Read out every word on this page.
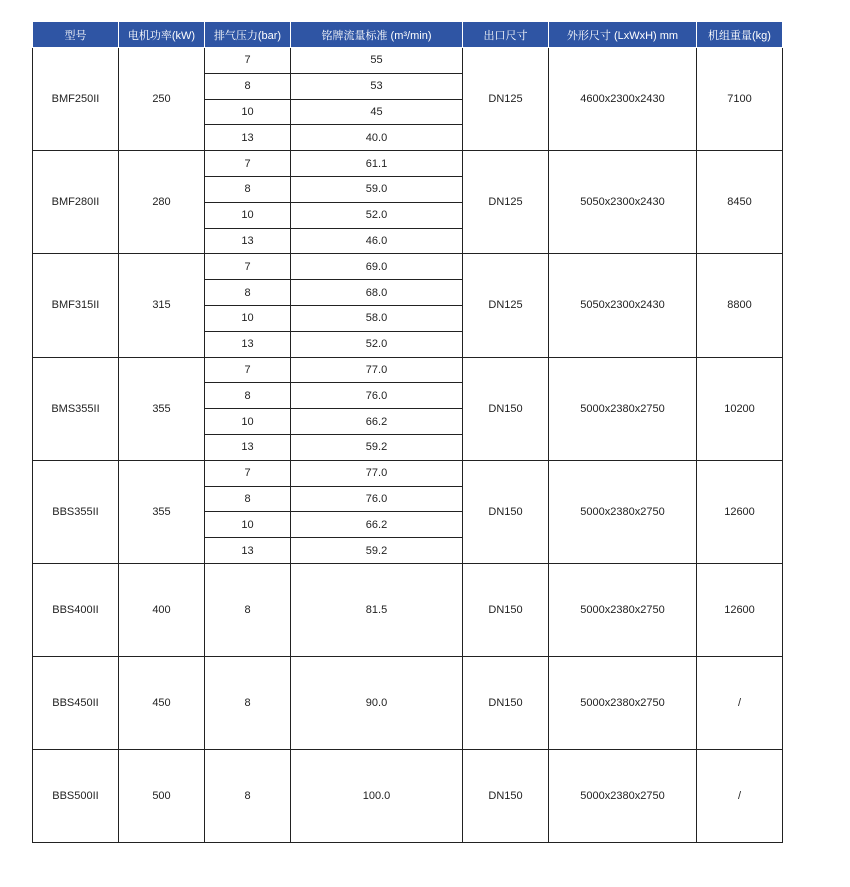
型号	电机功率(kW)	排气压力(bar)	铭牌流量标准 (m³/min)	出口尺寸	外形尺寸 (LxWxH) mm	机组重量(kg)
BMF250II	250	7	55	DN125	4600x2300x2430	7100
		8	53			
		10	45			
		13	40.0			
BMF280II	280	7	61.1	DN125	5050x2300x2430	8450
		8	59.0			
		10	52.0			
		13	46.0			
BMF315II	315	7	69.0	DN125	5050x2300x2430	8800
		8	68.0			
		10	58.0			
		13	52.0			
BMS355II	355	7	77.0	DN150	5000x2380x2750	10200
		8	76.0			
		10	66.2			
		13	59.2			
BBS355II	355	7	77.0	DN150	5000x2380x2750	12600
		8	76.0			
		10	66.2			
		13	59.2			
BBS400II	400	8	81.5	DN150	5000x2380x2750	12600
BBS450II	450	8	90.0	DN150	5000x2380x2750	/
BBS500II	500	8	100.0	DN150	5000x2380x2750	/
